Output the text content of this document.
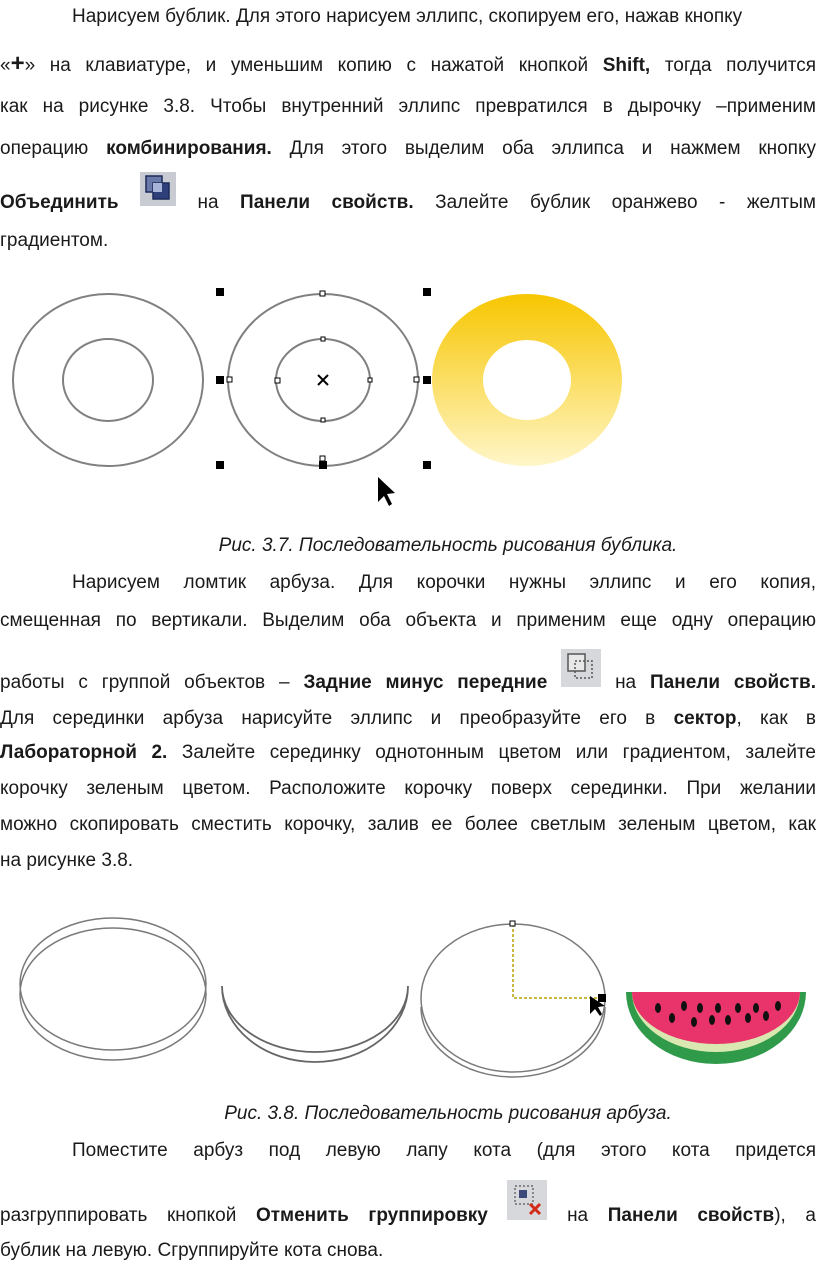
Нарисуем бублик. Для этого нарисуем эллипс, скопируем его, нажав кнопку
«+» на клавиатуре, и уменьшим копию с нажатой кнопкой Shift, тогда получится
как на рисунке 3.8. Чтобы внутренний эллипс превратился в дырочку –применим
операцию комбинирования. Для этого выделим оба эллипса и нажмем кнопку
Объединить	на Панели свойств. Залейте бублик оранжево - желтым
градиентом.
Рис. 3.7. Последовательность рисования бублика.
Нарисуем ломтик арбуза. Для корочки нужны эллипс и его копия,
смещенная по вертикали. Выделим оба объекта и применим еще одну операцию
работы с группой объектов – Задние минус передние	на Панели свойств.
Для серединки арбуза нарисуйте эллипс и преобразуйте его в сектор, как в
Лабораторной 2. Залейте серединку однотонным цветом или градиентом, залейте
корочку зеленым цветом. Расположите корочку поверх серединки. При желании
можно скопировать сместить корочку, залив ее более светлым зеленым цветом, как
на рисунке 3.8.
Рис. 3.8. Последовательность рисования арбуза.
Поместите арбуз под левую лапу кота (для этого кота придется
разгруппировать кнопкой Отменить группировку	на Панели свойств), а
бублик на левую. Сгруппируйте кота снова.
